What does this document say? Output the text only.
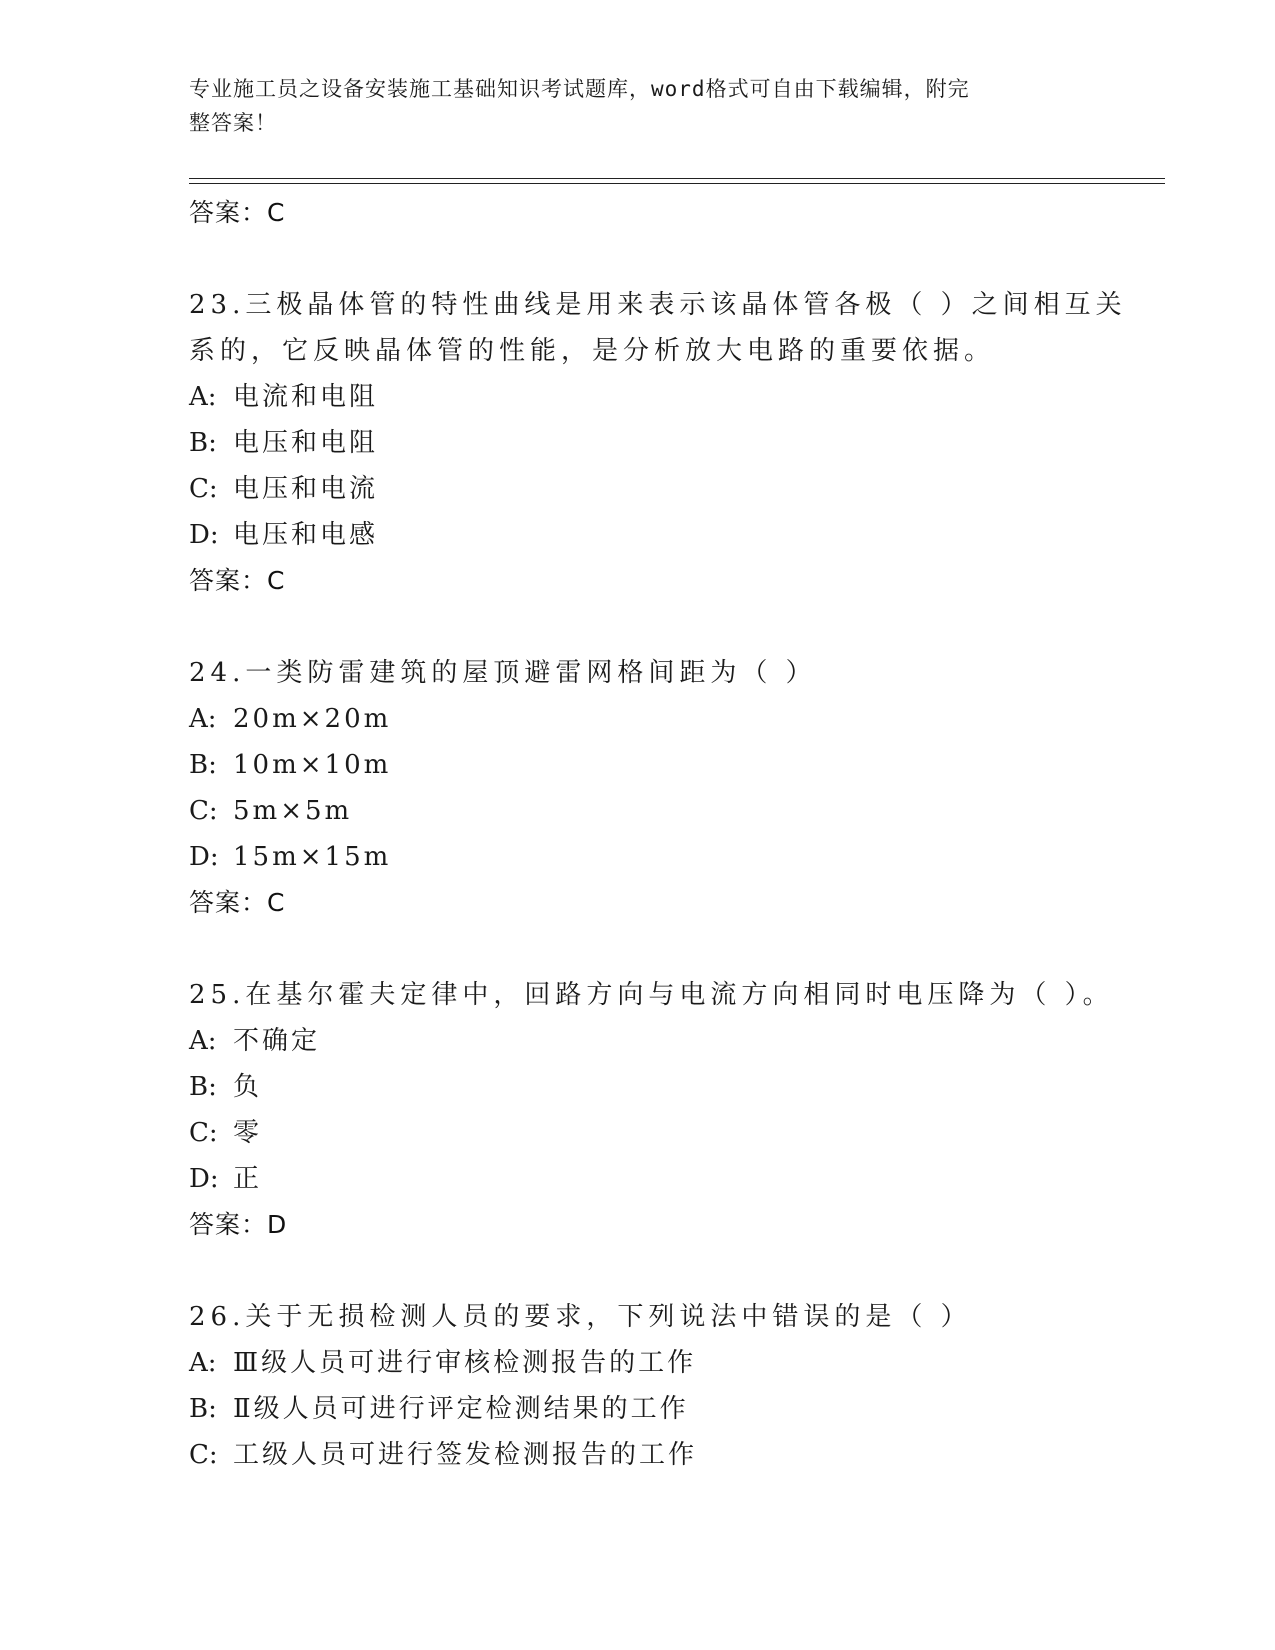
专业施工员之设备安装施工基础知识考试题库，word格式可自由下载编辑，附完
整答案！
答案：C
23.三极晶体管的特性曲线是用来表示该晶体管各极（ ）之间相互关系的，它反映晶体管的性能，是分析放大电路的重要依据。
A: 电流和电阻
B: 电压和电阻
C: 电压和电流
D: 电压和电感
答案：C
24.一类防雷建筑的屋顶避雷网格间距为（ ）
A: 20m×20m
B: 10m×10m
C: 5m×5m
D: 15m×15m
答案：C
25.在基尔霍夫定律中，回路方向与电流方向相同时电压降为（ ）。
A: 不确定
B: 负
C: 零
D: 正
答案：D
26.关于无损检测人员的要求，下列说法中错误的是（ ）
A: Ⅲ级人员可进行审核检测报告的工作
B: Ⅱ级人员可进行评定检测结果的工作
C: 工级人员可进行签发检测报告的工作
